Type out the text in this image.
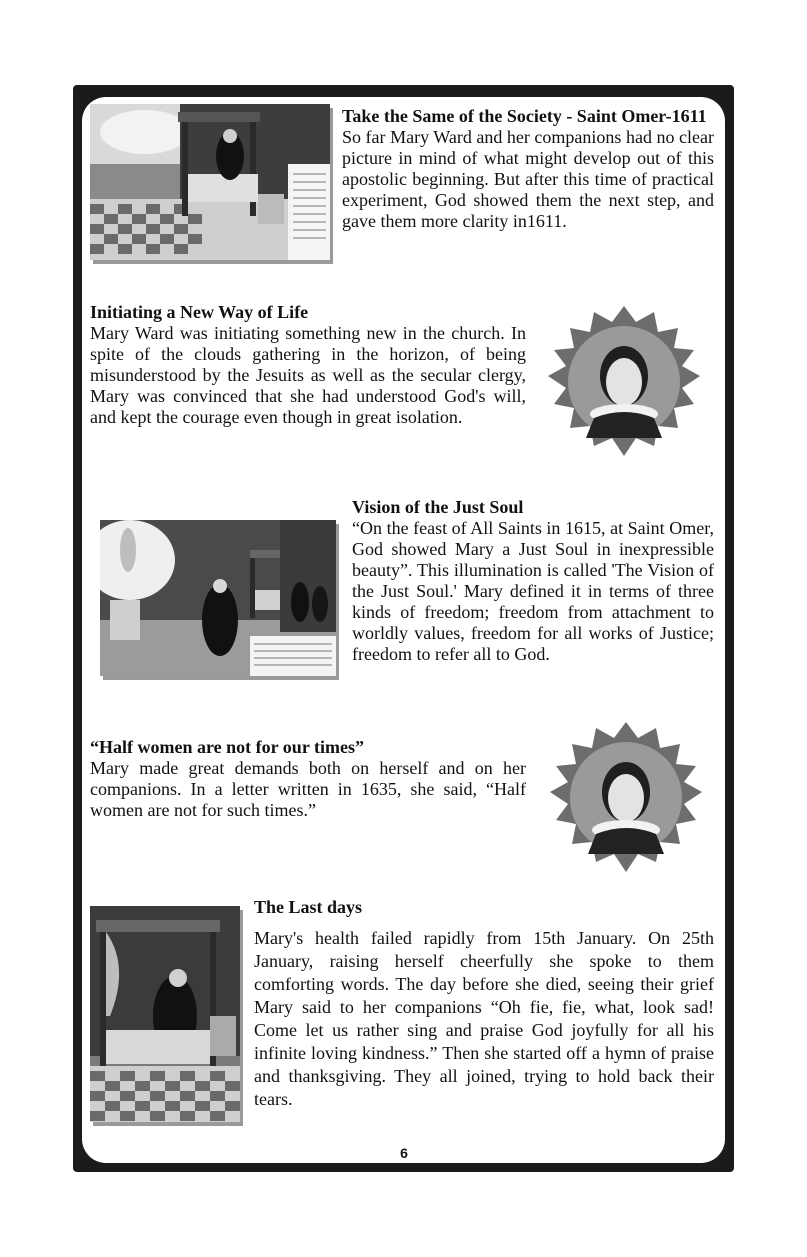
Take the Same of the Society - Saint Omer-1611

So far Mary Ward and her companions had no clear picture in mind of what might develop out of this apostolic beginning. But after this time of practical experiment, God showed them the next step, and gave them more clarity in1611.

Initiating a New Way of Life

Mary Ward was initiating something new in the church. In spite of the clouds gathering in the horizon, of being misunderstood by the Jesuits as well as the secular clergy, Mary was convinced that she had understood God's will, and kept the courage even though in great isolation.

Vision of the Just Soul

“On the feast of All Saints in 1615, at Saint Omer, God showed Mary a Just Soul in inexpressible beauty”. This illumination is called 'The Vision of the Just Soul.' Mary defined it in terms of three kinds of freedom; freedom from attachment to worldly values, freedom for all works of Justice; freedom to refer all to God.

“Half women are not for our times”

Mary made great demands both on herself and on her companions. In a letter written in 1635, she said, “Half women are not for such times.”

The Last days

Mary's health failed rapidly from 15th January. On 25th January, raising herself cheerfully she spoke to them comforting words. The day before she died, seeing their grief Mary said to her companions “Oh fie, fie, what, look sad! Come let us rather sing and praise God joyfully for all his infinite loving kindness.” Then she started off a hymn of praise and thanksgiving. They all joined, trying to hold back their tears.

6
